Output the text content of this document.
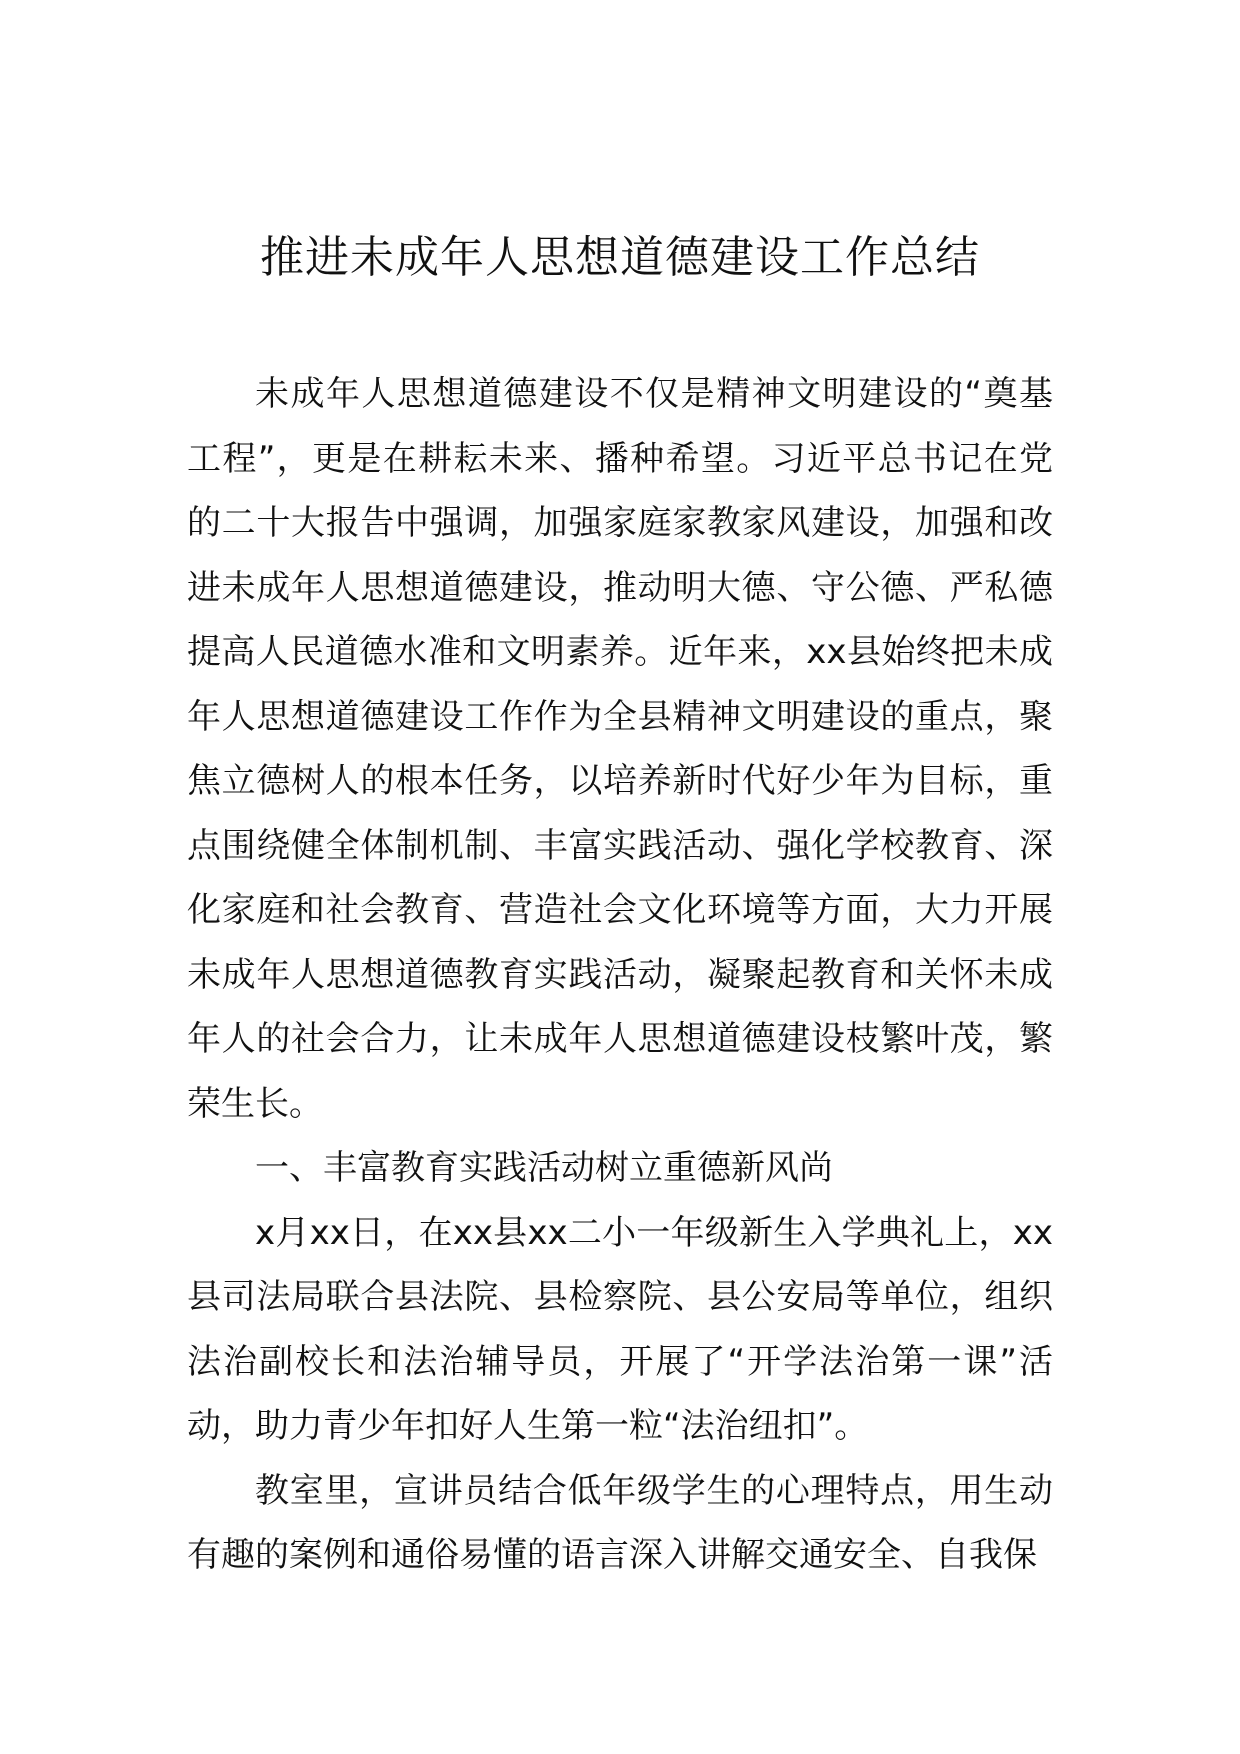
推进未成年人思想道德建设工作总结

未成年人思想道德建设不仅是精神文明建设的“奠基工程”，更是在耕耘未来、播种希望。习近平总书记在党的二十大报告中强调，加强家庭家教家风建设，加强和改进未成年人思想道德建设，推动明大德、守公德、严私德提高人民道德水准和文明素养。近年来，xx县始终把未成年人思想道德建设工作作为全县精神文明建设的重点，聚焦立德树人的根本任务，以培养新时代好少年为目标，重点围绕健全体制机制、丰富实践活动、强化学校教育、深化家庭和社会教育、营造社会文化环境等方面，大力开展未成年人思想道德教育实践活动，凝聚起教育和关怀未成年人的社会合力，让未成年人思想道德建设枝繁叶茂，繁荣生长。

一、丰富教育实践活动树立重德新风尚

x月xx日，在xx县xx二小一年级新生入学典礼上，xx县司法局联合县法院、县检察院、县公安局等单位，组织法治副校长和法治辅导员，开展了“开学法治第一课”活动，助力青少年扣好人生第一粒“法治纽扣”。

教室里，宣讲员结合低年级学生的心理特点，用生动有趣的案例和通俗易懂的语言深入讲解交通安全、自我保
